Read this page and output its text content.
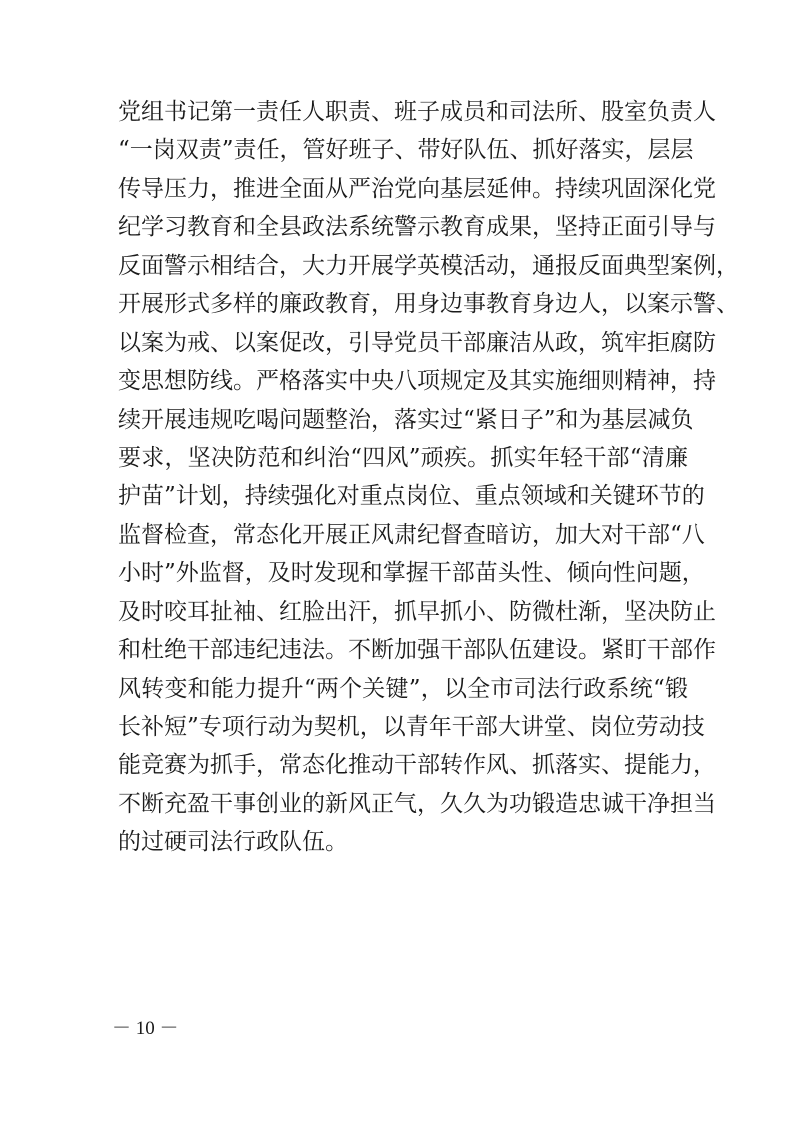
党组书记第一责任人职责、班子成员和司法所、股室负责人
“一岗双责”责任，管好班子、带好队伍、抓好落实，层层
传导压力，推进全面从严治党向基层延伸。持续巩固深化党
纪学习教育和全县政法系统警示教育成果，坚持正面引导与
反面警示相结合，大力开展学英模活动，通报反面典型案例，
开展形式多样的廉政教育，用身边事教育身边人，以案示警、
以案为戒、以案促改，引导党员干部廉洁从政，筑牢拒腐防
变思想防线。严格落实中央八项规定及其实施细则精神，持
续开展违规吃喝问题整治，落实过“紧日子”和为基层减负
要求，坚决防范和纠治“四风”顽疾。抓实年轻干部“清廉
护苗”计划，持续强化对重点岗位、重点领域和关键环节的
监督检查，常态化开展正风肃纪督查暗访，加大对干部“八
小时”外监督，及时发现和掌握干部苗头性、倾向性问题，
及时咬耳扯袖、红脸出汗，抓早抓小、防微杜渐，坚决防止
和杜绝干部违纪违法。不断加强干部队伍建设。紧盯干部作
风转变和能力提升“两个关键”，以全市司法行政系统“锻
长补短”专项行动为契机，以青年干部大讲堂、岗位劳动技
能竞赛为抓手，常态化推动干部转作风、抓落实、提能力，
不断充盈干事创业的新风正气，久久为功锻造忠诚干净担当
的过硬司法行政队伍。
－ 10 －
